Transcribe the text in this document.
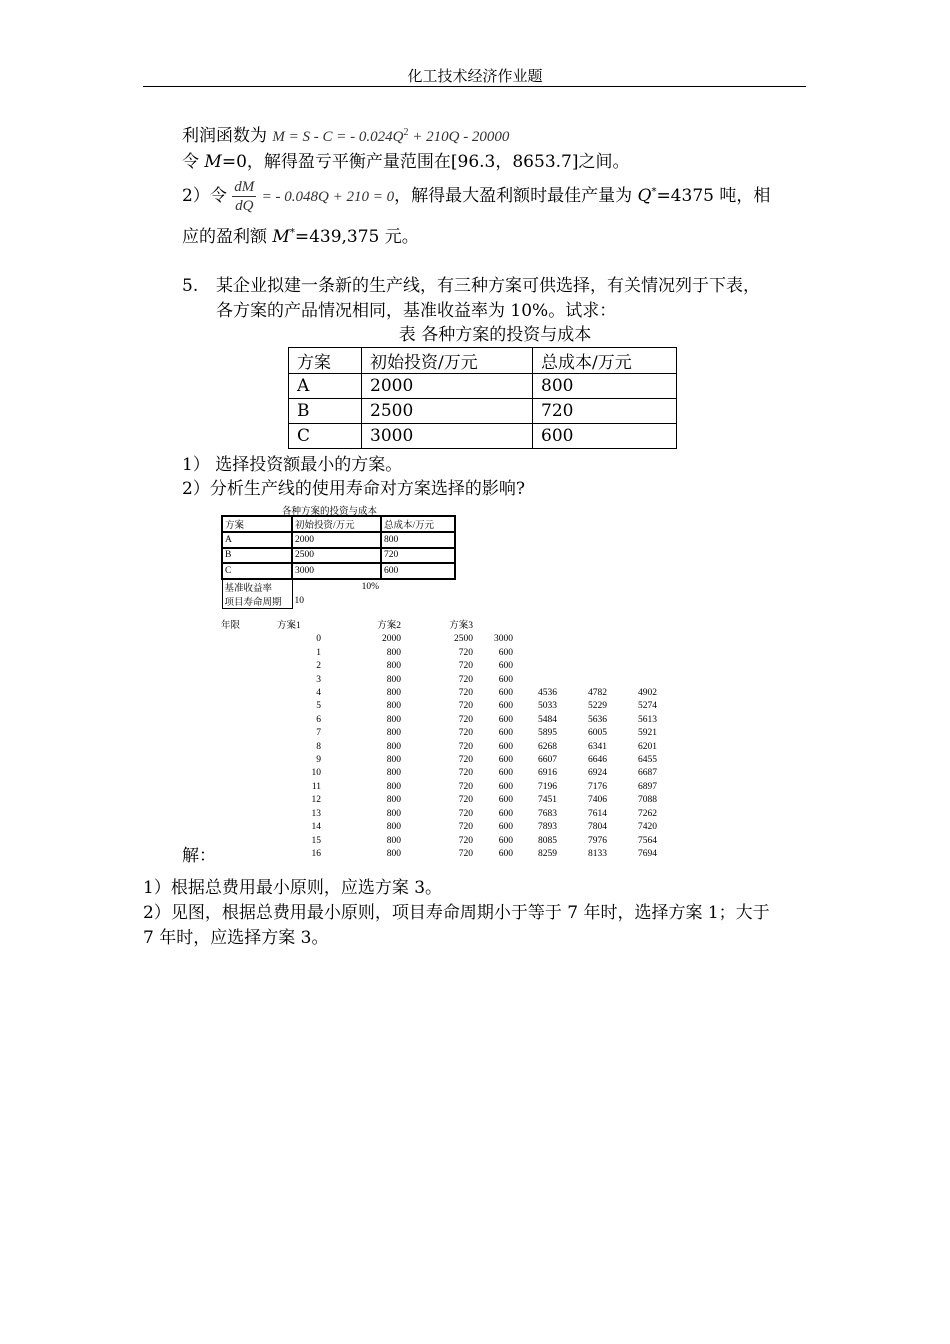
化工技术经济作业题
利润函数为 M = S - C = - $0.024Q^2 + 210Q - 20000$
令 M=0，解得盈亏平衡产量范围在[96.3，8653.7]之间。
2）令 $\frac{dM}{dQ}$ = - 0.048Q + 210 = 0，解得最大盈利额时最佳产量为 Q*=4375 吨，相
应的盈利额 M*=439,375 元。
5. 某企业拟建一条新的生产线，有三种方案可供选择，有关情况列于下表，
各方案的产品情况相同，基准收益率为 10%。试求：
表 各种方案的投资与成本
方案	初始投资/万元	总成本/万元
A	2000	800
B	2500	720
C	3000	600
1） 选择投资额最小的方案。
2）分析生产线的使用寿命对方案选择的影响?
各种方案的投资与成本
方案	初始投资/万元	总成本/万元
A	2000	800
B	2500	720
C	3000	600
基准收益率	10%	
项目寿命周期	10	
年限	方案1	方案2	方案3				
	0	2000	2500	3000			
	1	800	720	600			
	2	800	720	600			
	3	800	720	600			
	4	800	720	600	4536	4782	4902
	5	800	720	600	5033	5229	5274
	6	800	720	600	5484	5636	5613
	7	800	720	600	5895	6005	5921
	8	800	720	600	6268	6341	6201
	9	800	720	600	6607	6646	6455
	10	800	720	600	6916	6924	6687
	11	800	720	600	7196	7176	6897
	12	800	720	600	7451	7406	7088
	13	800	720	600	7683	7614	7262
	14	800	720	600	7893	7804	7420
	15	800	720	600	8085	7976	7564
	16	800	720	600	8259	8133	7694
解：
1）根据总费用最小原则，应选方案 3。
2）见图，根据总费用最小原则，项目寿命周期小于等于 7 年时，选择方案 1；大于
7 年时，应选择方案 3。
